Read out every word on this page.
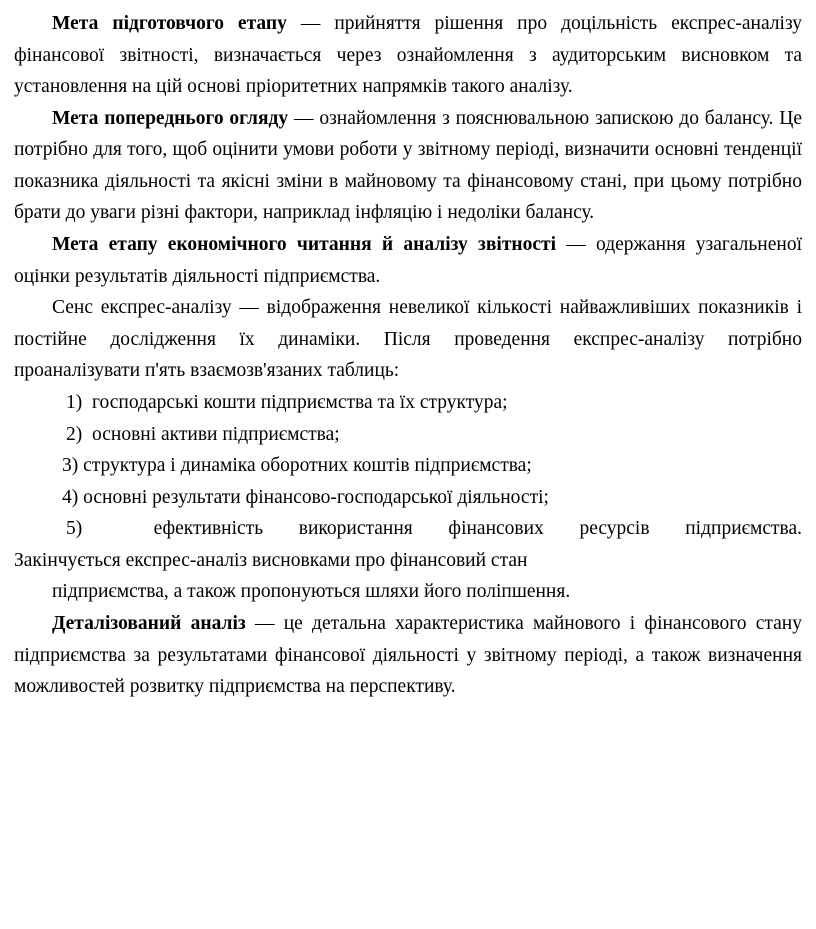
Мета підготовчого етапу — прийняття рішення про доцільність експрес-аналізу фінансової звітності, визначається через ознайомлення з аудиторським висновком та установлення на цій основі пріоритетних напрямків такого аналізу.

Мета попереднього огляду — ознайомлення з пояснювальною запискою до балансу. Це потрібно для того, щоб оцінити умови роботи у звітному періоді, визначити основні тенденції показника діяльності та якісні зміни в майновому та фінансовому стані, при цьому потрібно брати до уваги різні фактори, наприклад інфляцію і недоліки балансу.

Мета етапу економічного читання й аналізу звітності — одержання узагальненої оцінки результатів діяльності підприємства.

Сенс експрес-аналізу — відображення невеликої кількості найважливіших показників і постійне дослідження їх динаміки. Після проведення експрес-аналізу потрібно проаналізувати п'ять взаємозв'язаних таблиць:

1) господарські кошти підприємства та їх структура;
2) основні активи підприємства;
3) структура і динаміка оборотних коштів підприємства;
4) основні результати фінансово-господарської діяльності;
5)	ефективність використання фінансових ресурсів підприємства.
Закінчується експрес-аналіз висновками про фінансовий стан
підприємства, а також пропонуються шляхи його поліпшення.

Деталізований аналіз — це детальна характеристика майнового і фінансового стану підприємства за результатами фінансової діяльності у звітному періоді, а також визначення можливостей розвитку підприємства на перспективу.
